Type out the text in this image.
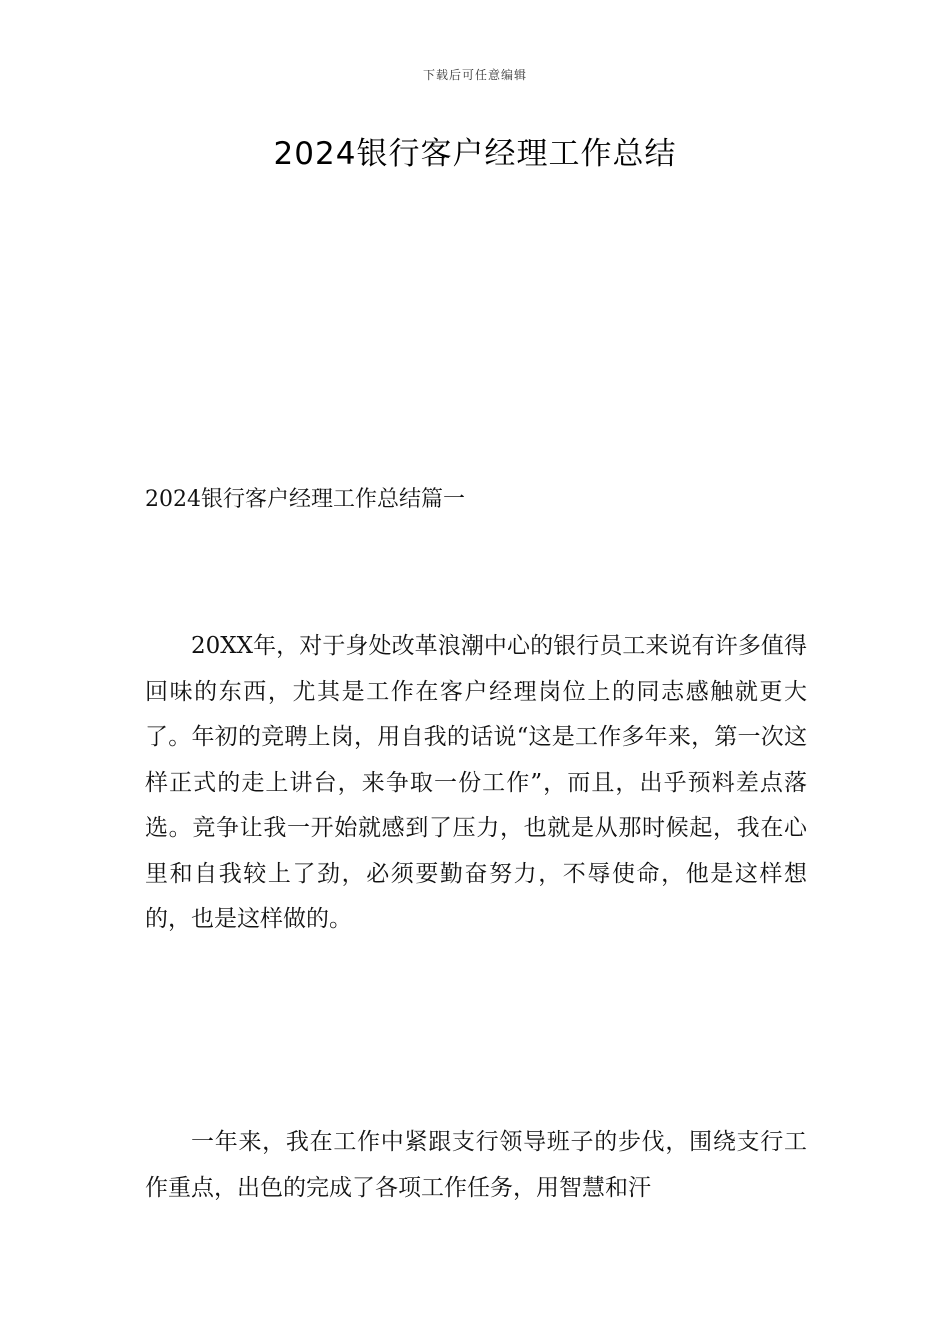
下载后可任意编辑
2024银行客户经理工作总结
2024银行客户经理工作总结篇一

20XX年，对于身处改革浪潮中心的银行员工来说有许多值得回味的东西，尤其是工作在客户经理岗位上的同志感触就更大了。年初的竞聘上岗，用自我的话说“这是工作多年来，第一次这样正式的走上讲台，来争取一份工作”，而且，出乎预料差点落选。竞争让我一开始就感到了压力，也就是从那时候起，我在心里和自我较上了劲，必须要勤奋努力，不辱使命，他是这样想的，也是这样做的。

一年来，我在工作中紧跟支行领导班子的步伐，围绕支行工作重点，出色的完成了各项工作任务，用智慧和汗
